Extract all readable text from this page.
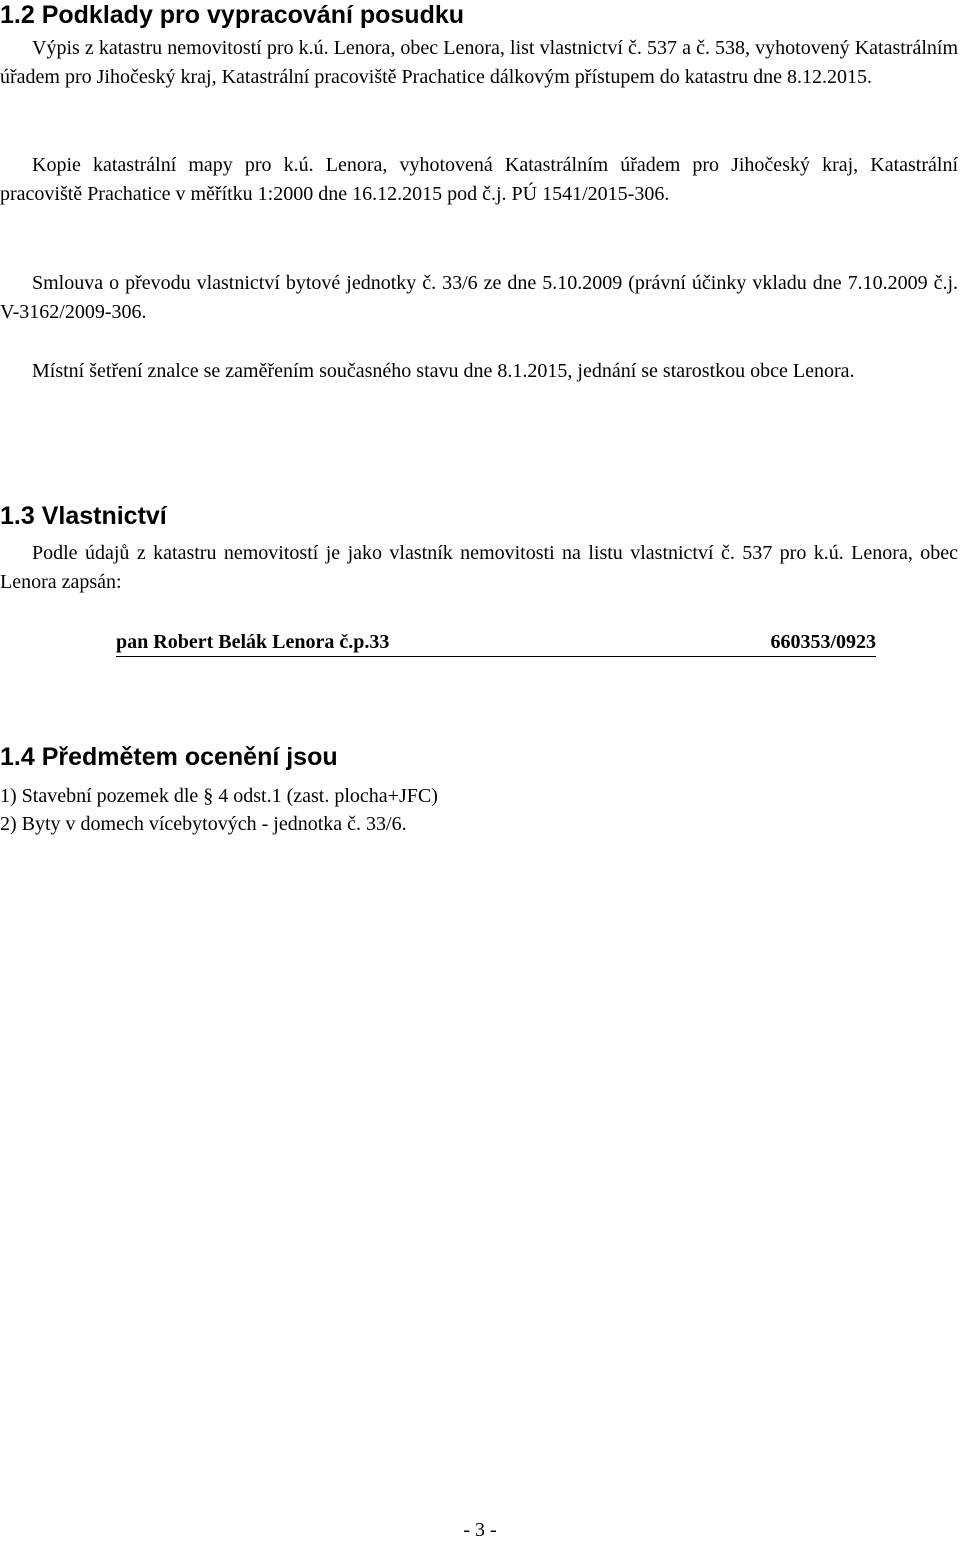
1.2 Podklady pro vypracování posudku

Výpis z katastru nemovitostí pro k.ú. Lenora, obec Lenora, list vlastnictví č. 537 a č. 538, vyhotovený Katastrálním úřadem pro Jihočeský kraj, Katastrální pracoviště Prachatice dálkovým přístupem do katastru dne 8.12.2015.

Kopie katastrální mapy pro k.ú. Lenora, vyhotovená Katastrálním úřadem pro Jihočeský kraj, Katastrální pracoviště Prachatice v měřítku 1:2000 dne 16.12.2015 pod č.j. PÚ 1541/2015-306.

Smlouva o převodu vlastnictví bytové jednotky č. 33/6 ze dne 5.10.2009 (právní účinky vkladu dne 7.10.2009 č.j. V-3162/2009-306.

Místní šetření znalce se zaměřením současného stavu dne 8.1.2015, jednání se starostkou obce Lenora.

1.3 Vlastnictví

Podle údajů z katastru nemovitostí je jako vlastník nemovitosti na listu vlastnictví č. 537 pro k.ú. Lenora, obec Lenora zapsán:

pan Robert Belák Lenora č.p.33	660353/0923
1.4 Předmětem ocenění jsou
1) Stavební pozemek dle § 4 odst.1 (zast. plocha+JFC)
2) Byty v domech vícebytových - jednotka č. 33/6.
- 3 -
